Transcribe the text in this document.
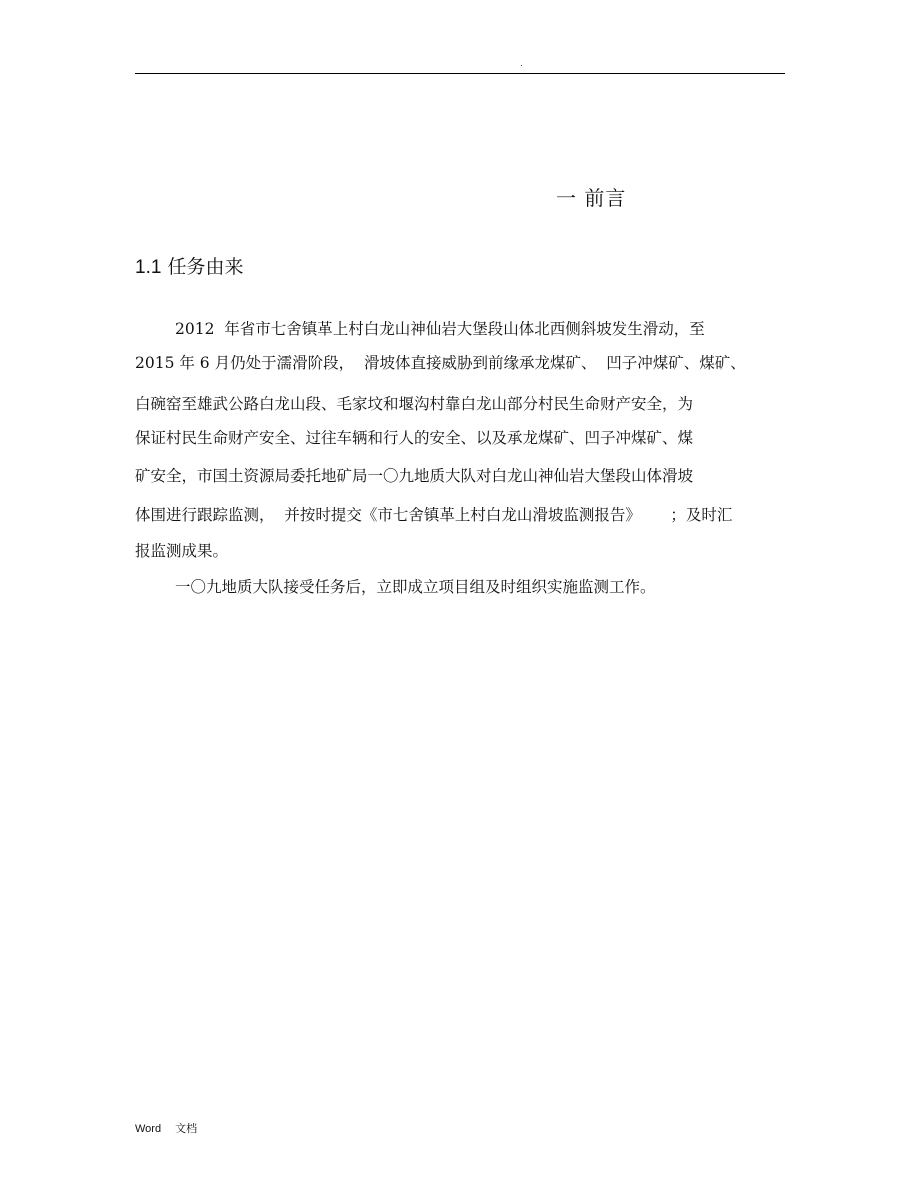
.
一 前言
1.1 任务由来
2012  年省市七舍镇革上村白龙山神仙岩大堡段山体北西侧斜坡发生滑动，至
2015 年 6 月仍处于濡滑阶段，  滑坡体直接威胁到前缘承龙煤矿、  凹子冲煤矿、煤矿、
白碗窑至雄武公路白龙山段、毛家坟和堰沟村靠白龙山部分村民生命财产安全，为
保证村民生命财产安全、过往车辆和行人的安全、以及承龙煤矿、凹子冲煤矿、煤
矿安全，市国土资源局委托地矿局一〇九地质大队对白龙山神仙岩大堡段山体滑坡
体围进行跟踪监测，  并按时提交《市七舍镇革上村白龙山滑坡监测报告》      ；及时汇
报监测成果。
一〇九地质大队接受任务后，立即成立项目组及时组织实施监测工作。
Word 文档
